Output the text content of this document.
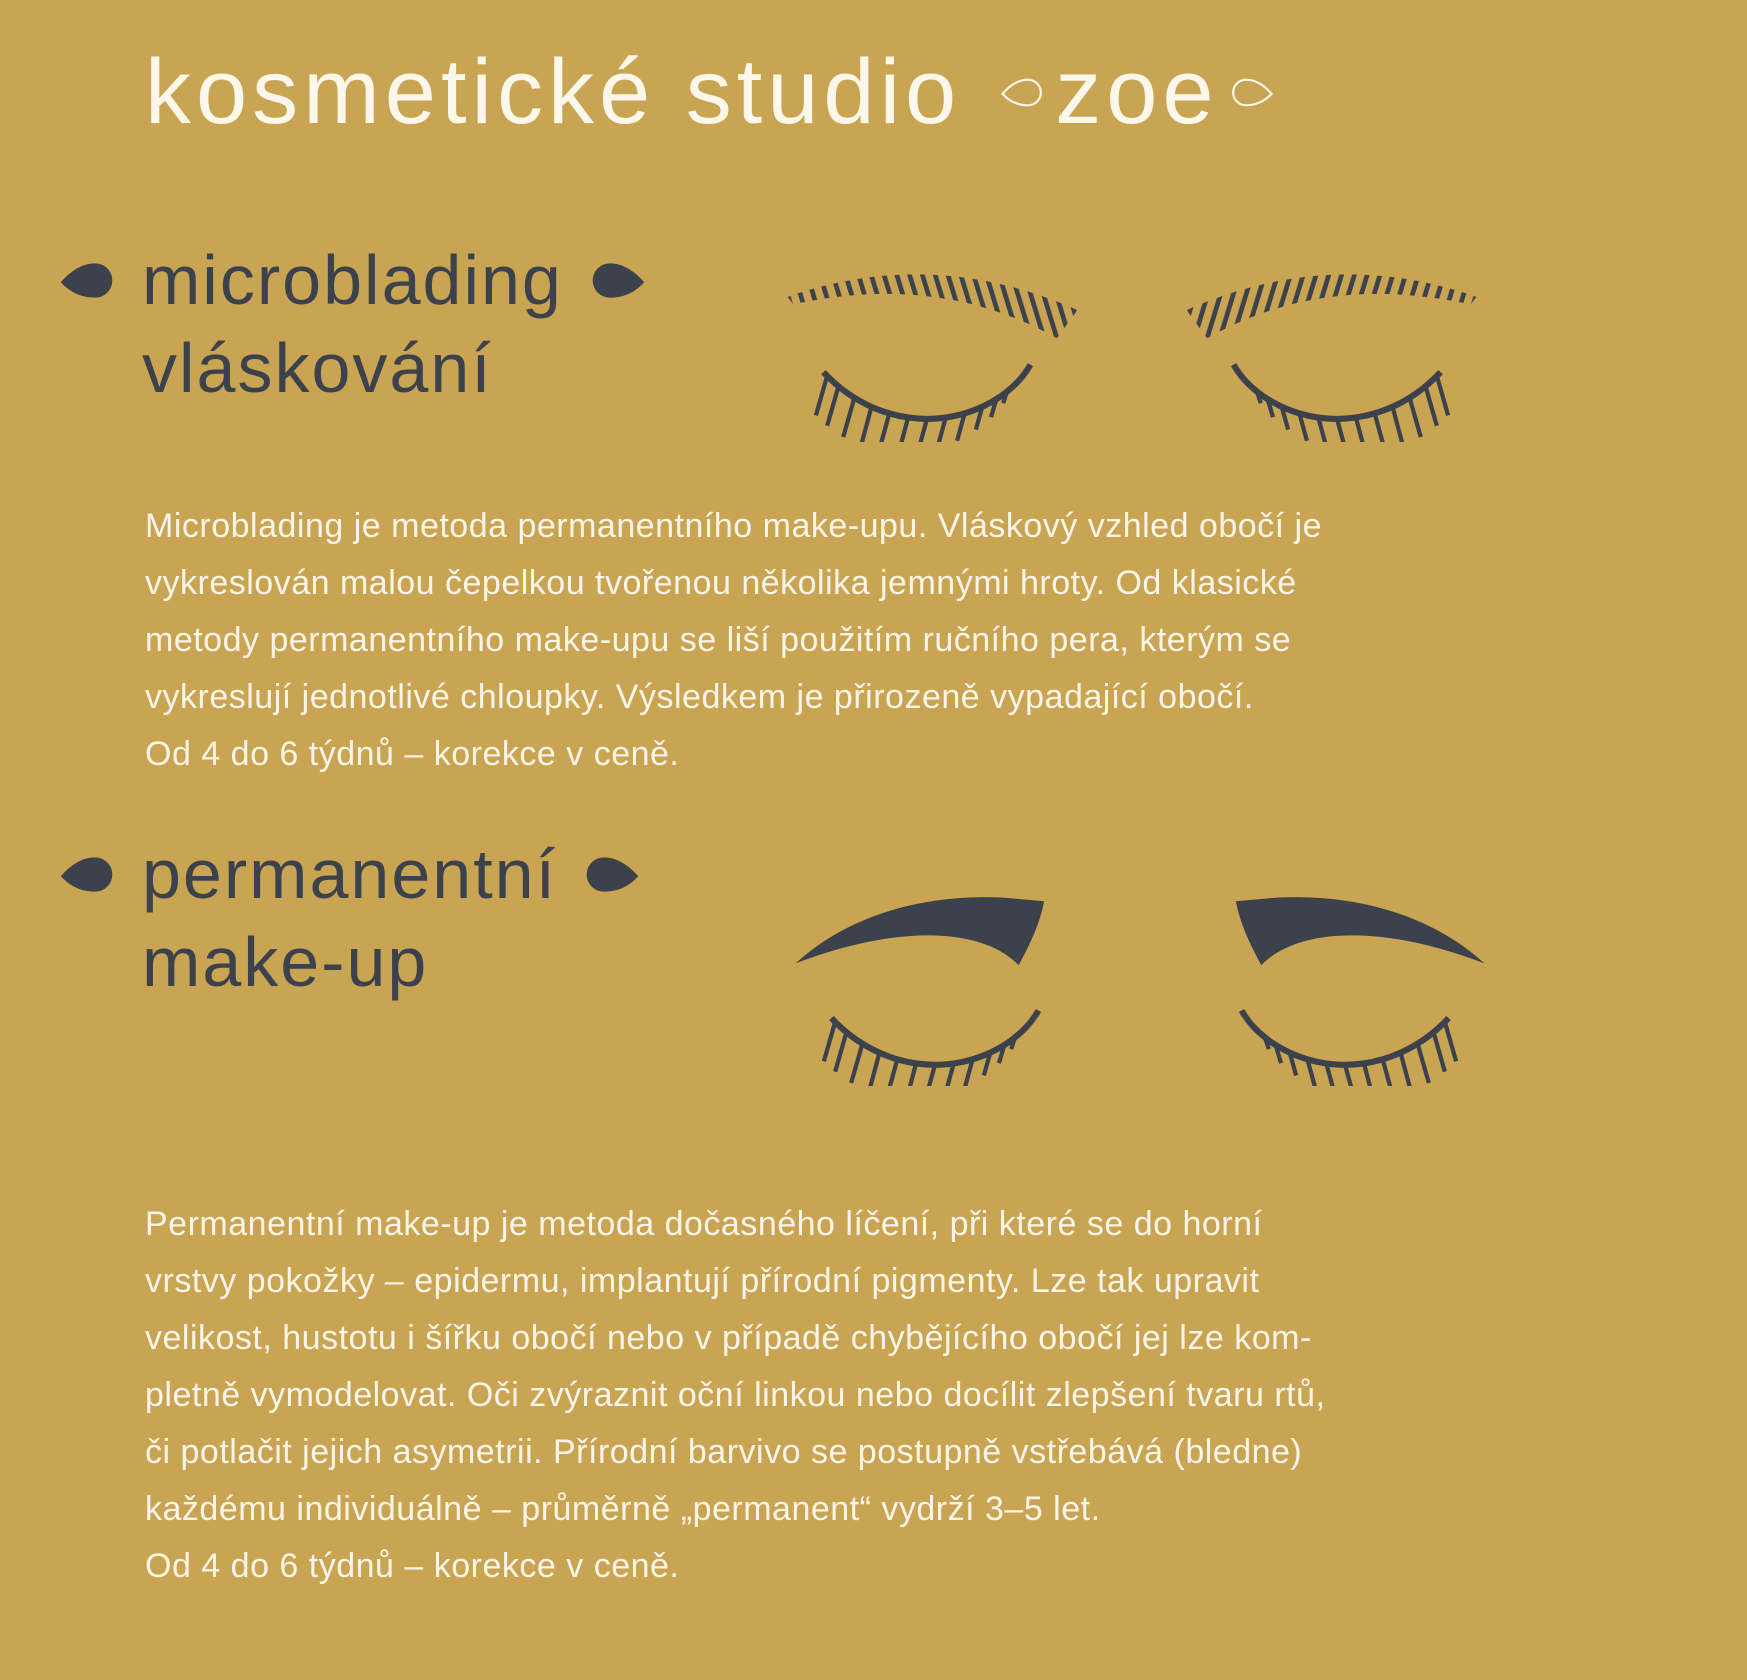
kosmetické studio zoe
microblading
vláskování
Microblading je metoda permanentního make-upu. Vláskový vzhled obočí je
vykreslován malou čepelkou tvořenou několika jemnými hroty. Od klasické
metody permanentního make-upu se liší použitím ručního pera, kterým se
vykreslují jednotlivé chloupky. Výsledkem je přirozeně vypadající obočí.
Od 4 do 6 týdnů – korekce v ceně.
permanentní
make-up
Permanentní make-up je metoda dočasného líčení, při které se do horní
vrstvy pokožky – epidermu, implantují přírodní pigmenty. Lze tak upravit
velikost, hustotu i šířku obočí nebo v případě chybějícího obočí jej lze kom-
pletně vymodelovat. Oči zvýraznit oční linkou nebo docílit zlepšení tvaru rtů,
či potlačit jejich asymetrii. Přírodní barvivo se postupně vstřebává (bledne)
každému individuálně – průměrně „permanent“ vydrží 3–5 let.
Od 4 do 6 týdnů – korekce v ceně.
